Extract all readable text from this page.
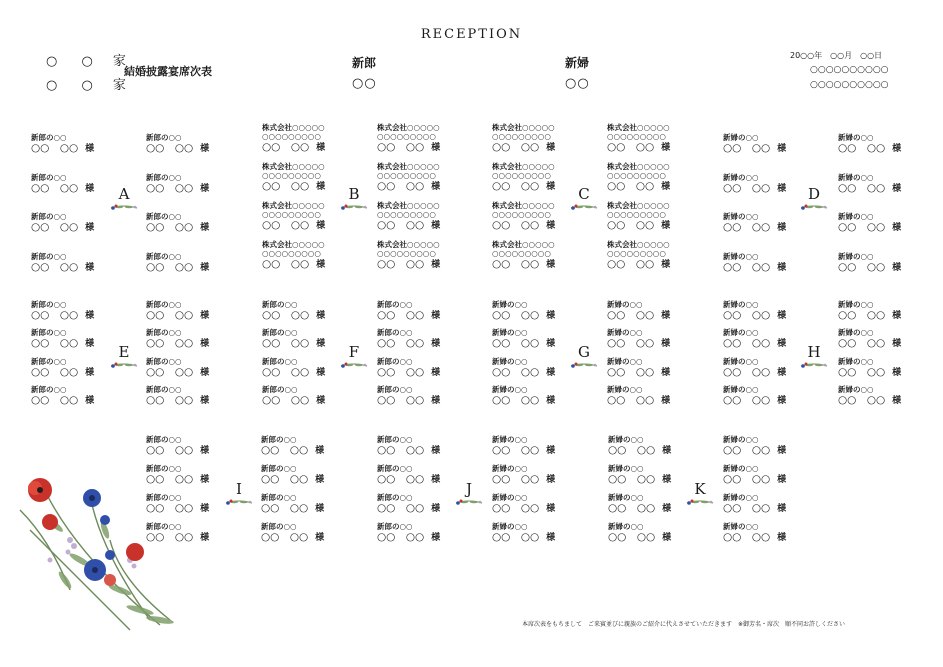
RECEPTION
○ ○ 家
○ ○ 家
結婚披露宴席次表
新郎
○○
新婦
○○
20○○年　○○月　○○日
○○○○○○○○○○
○○○○○○○○○○
新郎の○○
○○　○○ 様
新郎の○○
○○　○○ 様
新郎の○○
○○　○○ 様
新郎の○○
○○　○○ 様
新郎の○○
○○　○○ 様
新郎の○○
○○　○○ 様
新郎の○○
○○　○○ 様
新郎の○○
○○　○○ 様
A
株式会社○○○○○
○○○○○○○○○
○○　○○ 様
株式会社○○○○○
○○○○○○○○○
○○　○○ 様
株式会社○○○○○
○○○○○○○○○
○○　○○ 様
株式会社○○○○○
○○○○○○○○○
○○　○○ 様
株式会社○○○○○
○○○○○○○○○
○○　○○ 様
株式会社○○○○○
○○○○○○○○○
○○　○○ 様
株式会社○○○○○
○○○○○○○○○
○○　○○ 様
株式会社○○○○○
○○○○○○○○○
○○　○○ 様
B
株式会社○○○○○
○○○○○○○○○
○○　○○ 様
株式会社○○○○○
○○○○○○○○○
○○　○○ 様
株式会社○○○○○
○○○○○○○○○
○○　○○ 様
株式会社○○○○○
○○○○○○○○○
○○　○○ 様
株式会社○○○○○
○○○○○○○○○
○○　○○ 様
株式会社○○○○○
○○○○○○○○○
○○　○○ 様
株式会社○○○○○
○○○○○○○○○
○○　○○ 様
株式会社○○○○○
○○○○○○○○○
○○　○○ 様
C
新婦の○○
○○　○○ 様
新婦の○○
○○　○○ 様
新婦の○○
○○　○○ 様
新婦の○○
○○　○○ 様
新婦の○○
○○　○○ 様
新婦の○○
○○　○○ 様
新婦の○○
○○　○○ 様
新婦の○○
○○　○○ 様
D
新郎の○○
○○　○○ 様
新郎の○○
○○　○○ 様
新郎の○○
○○　○○ 様
新郎の○○
○○　○○ 様
新郎の○○
○○　○○ 様
新郎の○○
○○　○○ 様
新郎の○○
○○　○○ 様
新郎の○○
○○　○○ 様
E
新郎の○○
○○　○○ 様
新郎の○○
○○　○○ 様
新郎の○○
○○　○○ 様
新郎の○○
○○　○○ 様
新郎の○○
○○　○○ 様
新郎の○○
○○　○○ 様
新郎の○○
○○　○○ 様
新郎の○○
○○　○○ 様
F
新婦の○○
○○　○○ 様
新婦の○○
○○　○○ 様
新婦の○○
○○　○○ 様
新婦の○○
○○　○○ 様
新婦の○○
○○　○○ 様
新婦の○○
○○　○○ 様
新婦の○○
○○　○○ 様
新婦の○○
○○　○○ 様
G
新婦の○○
○○　○○ 様
新婦の○○
○○　○○ 様
新婦の○○
○○　○○ 様
新婦の○○
○○　○○ 様
新婦の○○
○○　○○ 様
新婦の○○
○○　○○ 様
新婦の○○
○○　○○ 様
新婦の○○
○○　○○ 様
H
新郎の○○
○○　○○ 様
新郎の○○
○○　○○ 様
新郎の○○
○○　○○ 様
新郎の○○
○○　○○ 様
新郎の○○
○○　○○ 様
新郎の○○
○○　○○ 様
新郎の○○
○○　○○ 様
新郎の○○
○○　○○ 様
I
新郎の○○
○○　○○ 様
新郎の○○
○○　○○ 様
新郎の○○
○○　○○ 様
新郎の○○
○○　○○ 様
新婦の○○
○○　○○ 様
新婦の○○
○○　○○ 様
新婦の○○
○○　○○ 様
新婦の○○
○○　○○ 様
J
新婦の○○
○○　○○ 様
新婦の○○
○○　○○ 様
新婦の○○
○○　○○ 様
新婦の○○
○○　○○ 様
新婦の○○
○○　○○ 様
新婦の○○
○○　○○ 様
新婦の○○
○○　○○ 様
新婦の○○
○○　○○ 様
K
本席次表をもちまして　ご来賓並びに親族のご紹介に代えさせていただきます　※御芳名・席次　順不同お許しください
